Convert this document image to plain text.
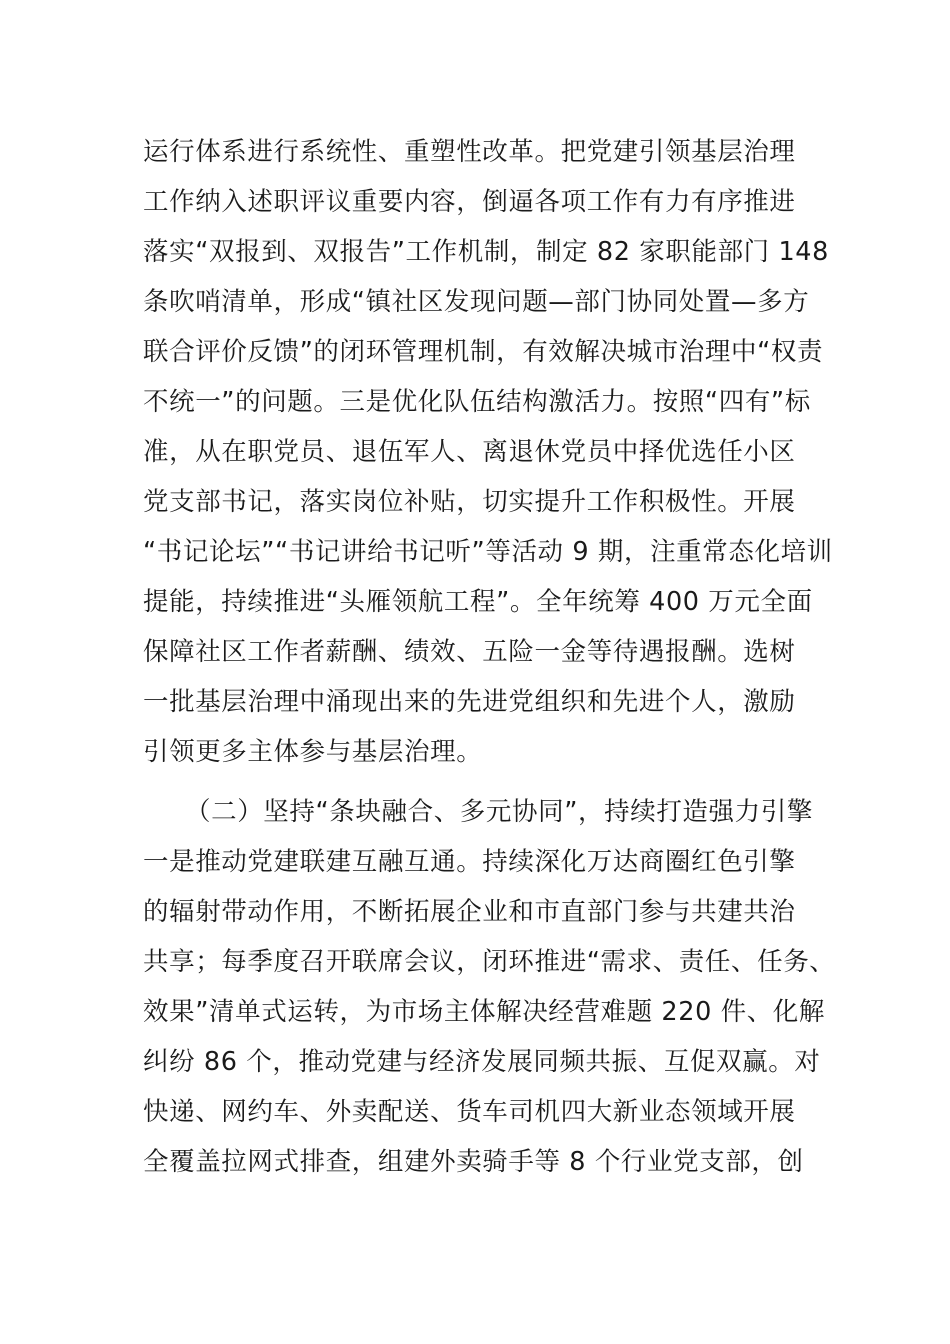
运行体系进行系统性、重塑性改革。把党建引领基层治理
工作纳入述职评议重要内容，倒逼各项工作有力有序推进
落实“双报到、双报告”工作机制，制定 82 家职能部门 148
条吹哨清单，形成“镇社区发现问题—部门协同处置—多方
联合评价反馈”的闭环管理机制，有效解决城市治理中“权责
不统一”的问题。三是优化队伍结构激活力。按照“四有”标
准，从在职党员、退伍军人、离退休党员中择优选任小区
党支部书记，落实岗位补贴，切实提升工作积极性。开展
“书记论坛”“书记讲给书记听”等活动 9 期，注重常态化培训
提能，持续推进“头雁领航工程”。全年统筹 400 万元全面
保障社区工作者薪酬、绩效、五险一金等待遇报酬。选树
一批基层治理中涌现出来的先进党组织和先进个人，激励
引领更多主体参与基层治理。
（二）坚持“条块融合、多元协同”，持续打造强力引擎
一是推动党建联建互融互通。持续深化万达商圈红色引擎
的辐射带动作用，不断拓展企业和市直部门参与共建共治
共享；每季度召开联席会议，闭环推进“需求、责任、任务、
效果”清单式运转，为市场主体解决经营难题 220 件、化解
纠纷 86 个，推动党建与经济发展同频共振、互促双赢。对
快递、网约车、外卖配送、货车司机四大新业态领域开展
全覆盖拉网式排查，组建外卖骑手等 8 个行业党支部，创
